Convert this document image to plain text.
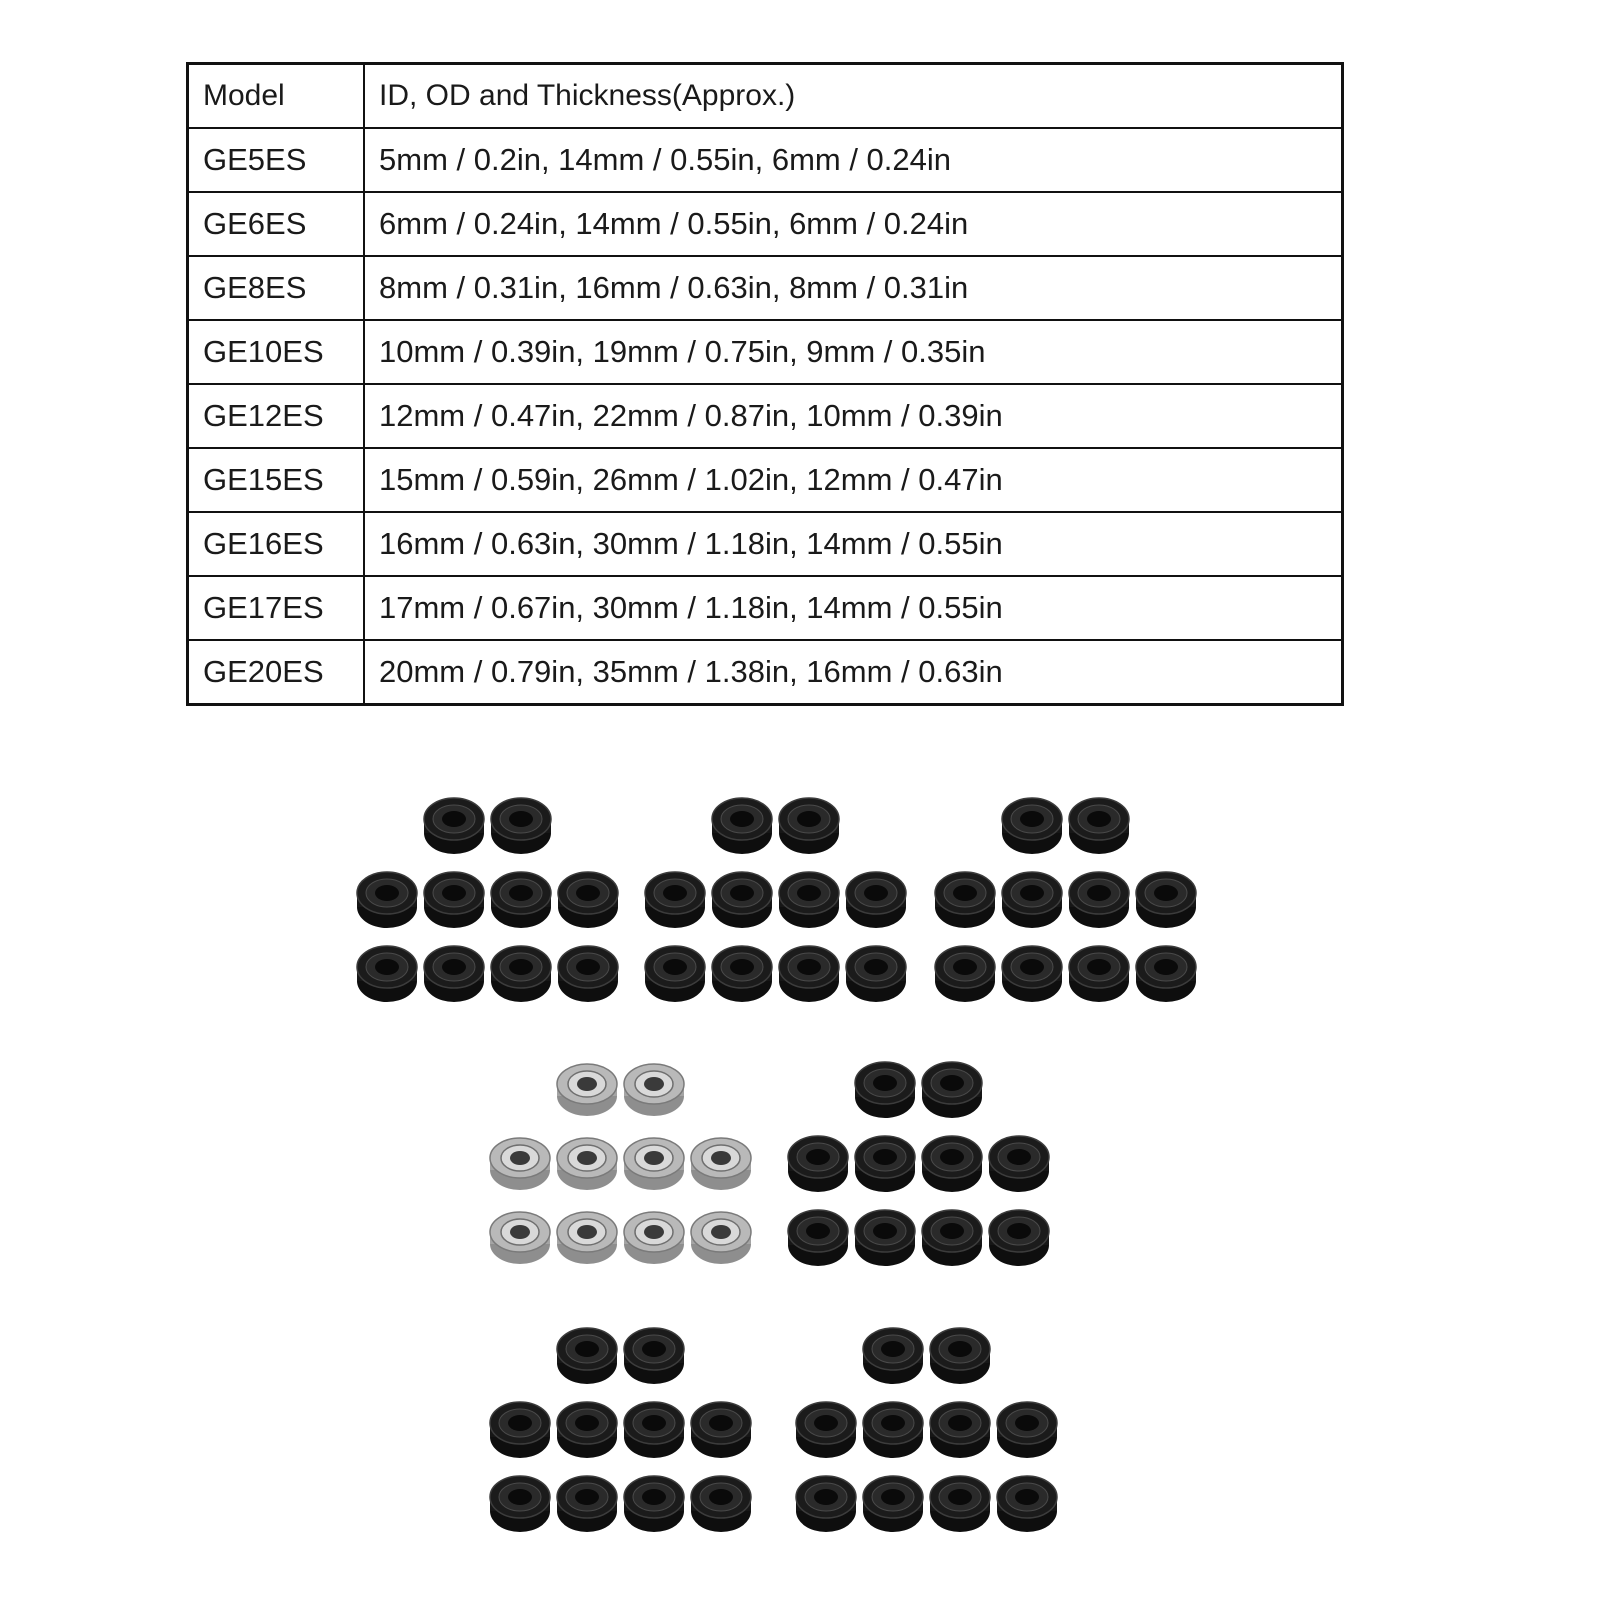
Model	ID, OD and Thickness(Approx.)
GE5ES	5mm / 0.2in, 14mm / 0.55in, 6mm / 0.24in
GE6ES	6mm / 0.24in, 14mm / 0.55in, 6mm / 0.24in
GE8ES	8mm / 0.31in, 16mm / 0.63in, 8mm / 0.31in
GE10ES	10mm / 0.39in, 19mm / 0.75in, 9mm / 0.35in
GE12ES	12mm / 0.47in, 22mm / 0.87in, 10mm / 0.39in
GE15ES	15mm / 0.59in, 26mm / 1.02in, 12mm / 0.47in
GE16ES	16mm / 0.63in, 30mm / 1.18in, 14mm / 0.55in
GE17ES	17mm / 0.67in, 30mm / 1.18in, 14mm / 0.55in
GE20ES	20mm / 0.79in, 35mm / 1.38in, 16mm / 0.63in
